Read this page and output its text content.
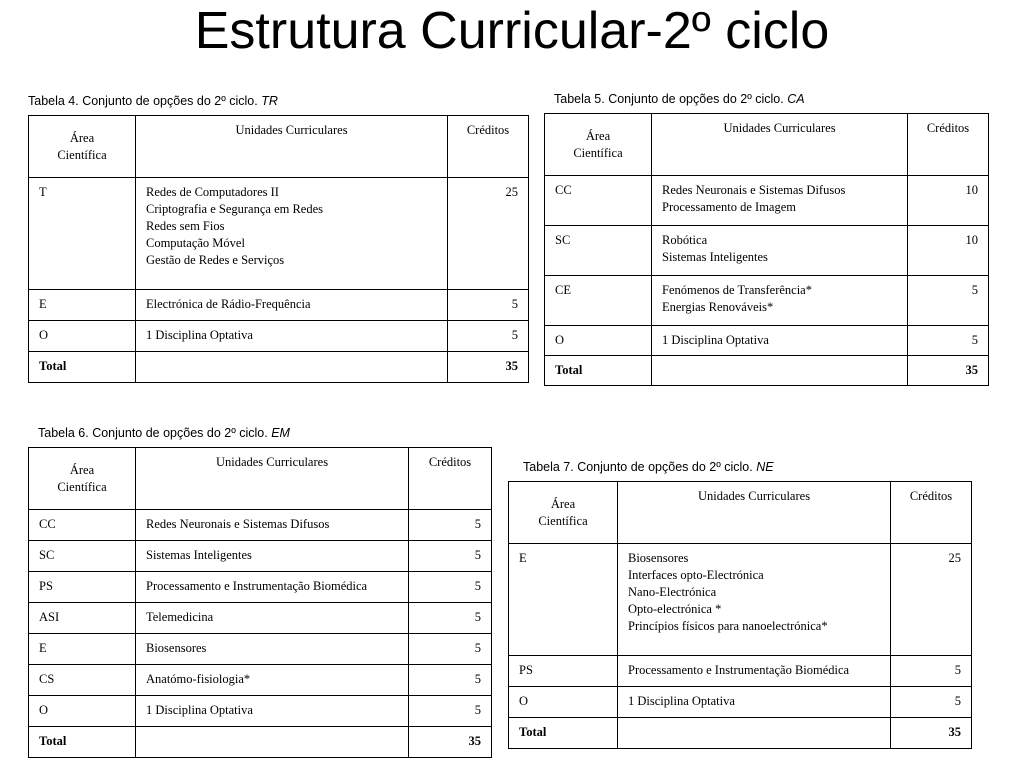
Estrutura Curricular-2º ciclo
Tabela 4. Conjunto de opções do 2º ciclo. TR
Área
Científica	Unidades Curriculares	Créditos
T	Redes de Computadores II
Criptografia e Segurança em Redes
Redes sem Fios
Computação Móvel
Gestão de Redes e Serviços	25
E	Electrónica de Rádio-Frequência	5
O	1 Disciplina Optativa	5
Total		35
Tabela 5. Conjunto de opções do 2º ciclo. CA
Área
Científica	Unidades Curriculares	Créditos
CC	Redes Neuronais e Sistemas Difusos
Processamento de Imagem	10
SC	Robótica
Sistemas Inteligentes	10
CE	Fenómenos de Transferência*
Energias Renováveis*	5
O	1 Disciplina Optativa	5
Total		35
Tabela 6. Conjunto de opções do 2º ciclo. EM
Área
Científica	Unidades Curriculares	Créditos
CC	Redes Neuronais e Sistemas Difusos	5
SC	Sistemas Inteligentes	5
PS	Processamento e Instrumentação Biomédica	5
ASI	Telemedicina	5
E	Biosensores	5
CS	Anatómo-fisiologia*	5
O	1 Disciplina Optativa	5
Total		35
Tabela 7. Conjunto de opções do 2º ciclo. NE
Área
Científica	Unidades Curriculares	Créditos
E	Biosensores
Interfaces opto-Electrónica
Nano-Electrónica
Opto-electrónica *
Princípios físicos para nanoelectrónica*	25
PS	Processamento e Instrumentação Biomédica	5
O	1 Disciplina Optativa	5
Total		35
